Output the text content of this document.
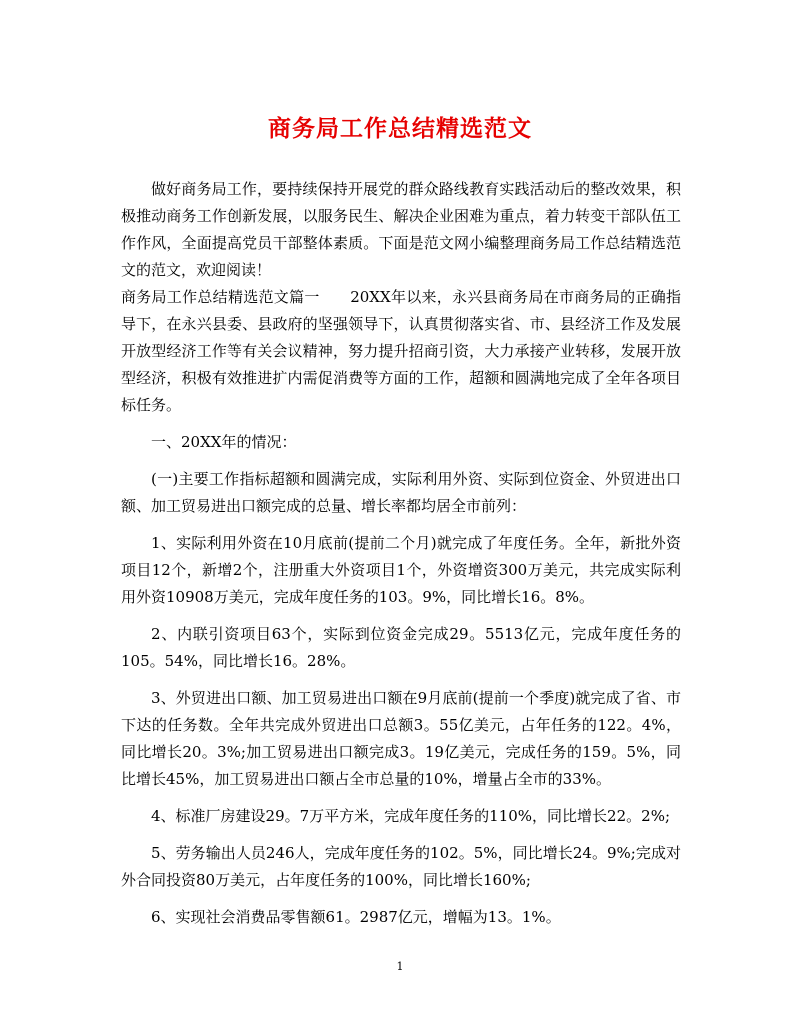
商务局工作总结精选范文

做好商务局工作，要持续保持开展党的群众路线教育实践活动后的整改效果，积极推动商务工作创新发展，以服务民生、解决企业困难为重点，着力转变干部队伍工作作风，全面提高党员干部整体素质。下面是范文网小编整理商务局工作总结精选范文的范文，欢迎阅读！

商务局工作总结精选范文篇一　　20XX年以来，永兴县商务局在市商务局的正确指导下，在永兴县委、县政府的坚强领导下，认真贯彻落实省、市、县经济工作及发展开放型经济工作等有关会议精神，努力提升招商引资，大力承接产业转移，发展开放型经济，积极有效推进扩内需促消费等方面的工作，超额和圆满地完成了全年各项目标任务。

一、20XX年的情况：

(一)主要工作指标超额和圆满完成，实际利用外资、实际到位资金、外贸进出口额、加工贸易进出口额完成的总量、增长率都均居全市前列：

1、实际利用外资在10月底前(提前二个月)就完成了年度任务。全年，新批外资项目12个，新增2个，注册重大外资项目1个，外资增资300万美元，共完成实际利用外资10908万美元，完成年度任务的103。9%，同比增长16。8%。

2、内联引资项目63个，实际到位资金完成29。5513亿元，完成年度任务的105。54%，同比增长16。28%。

3、外贸进出口额、加工贸易进出口额在9月底前(提前一个季度)就完成了省、市下达的任务数。全年共完成外贸进出口总额3。55亿美元，占年任务的122。4%，同比增长20。3%;加工贸易进出口额完成3。19亿美元，完成任务的159。5%，同比增长45%，加工贸易进出口额占全市总量的10%，增量占全市的33%。

4、标准厂房建设29。7万平方米，完成年度任务的110%，同比增长22。2%;

5、劳务输出人员246人，完成年度任务的102。5%，同比增长24。9%;完成对外合同投资80万美元，占年度任务的100%，同比增长160%;

6、实现社会消费品零售额61。2987亿元，增幅为13。1%。

1
